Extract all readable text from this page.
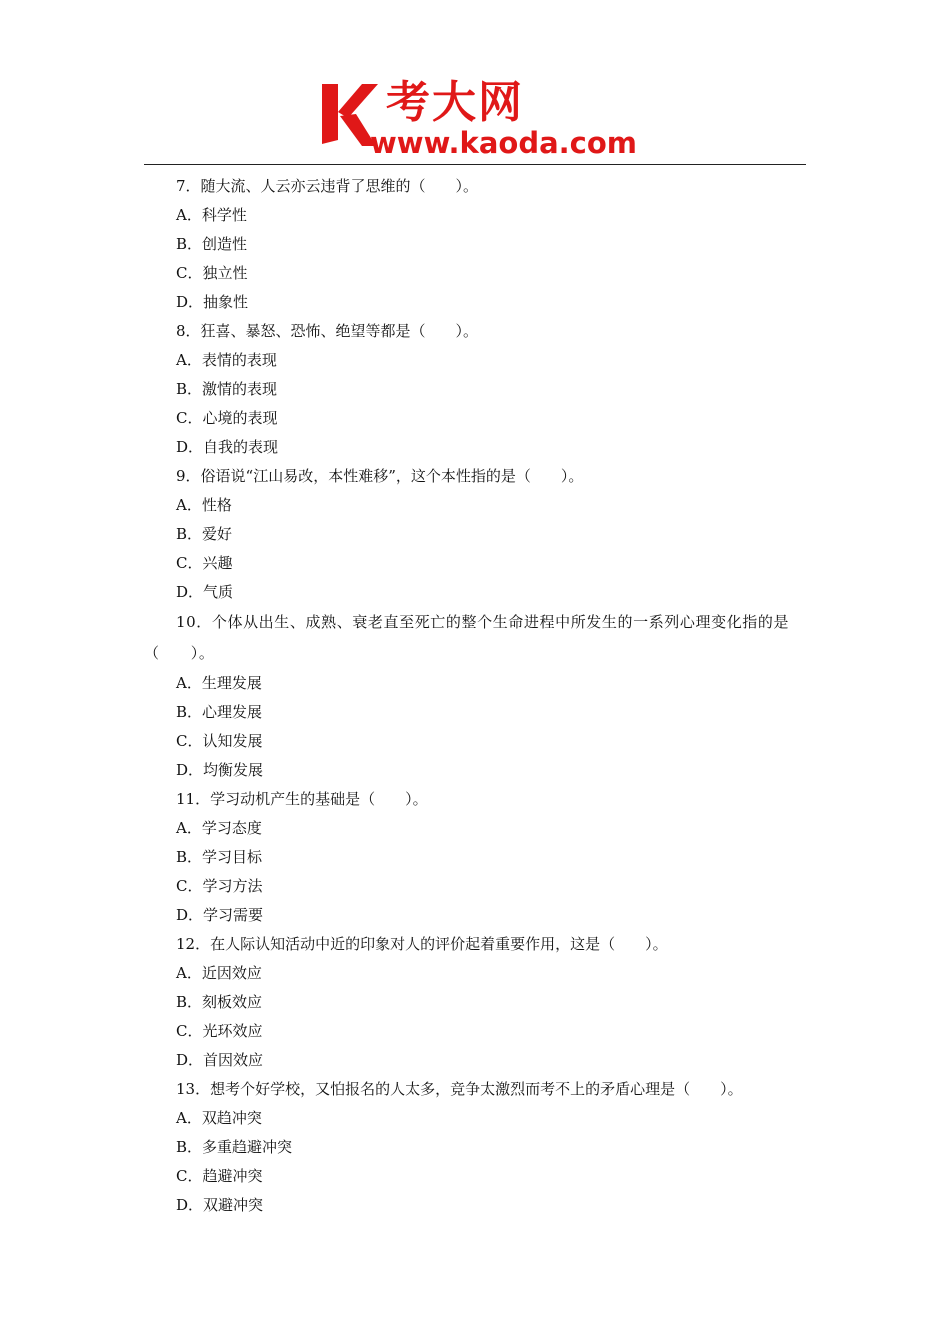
考大网
www.kaoda.com
7．随大流、人云亦云违背了思维的（　　）。
A．科学性
B．创造性
C．独立性
D．抽象性
8．狂喜、暴怒、恐怖、绝望等都是（　　）。
A．表情的表现
B．激情的表现
C．心境的表现
D．自我的表现
9．俗语说“江山易改，本性难移”，这个本性指的是（　　）。
A．性格
B．爱好
C．兴趣
D．气质
10．个体从出生、成熟、衰老直至死亡的整个生命进程中所发生的一系列心理变化指的是（　　）。
A．生理发展
B．心理发展
C．认知发展
D．均衡发展
11．学习动机产生的基础是（　　）。
A．学习态度
B．学习目标
C．学习方法
D．学习需要
12．在人际认知活动中近的印象对人的评价起着重要作用，这是（　　）。
A．近因效应
B．刻板效应
C．光环效应
D．首因效应
13．想考个好学校，又怕报名的人太多，竞争太激烈而考不上的矛盾心理是（　　）。
A．双趋冲突
B．多重趋避冲突
C．趋避冲突
D．双避冲突
